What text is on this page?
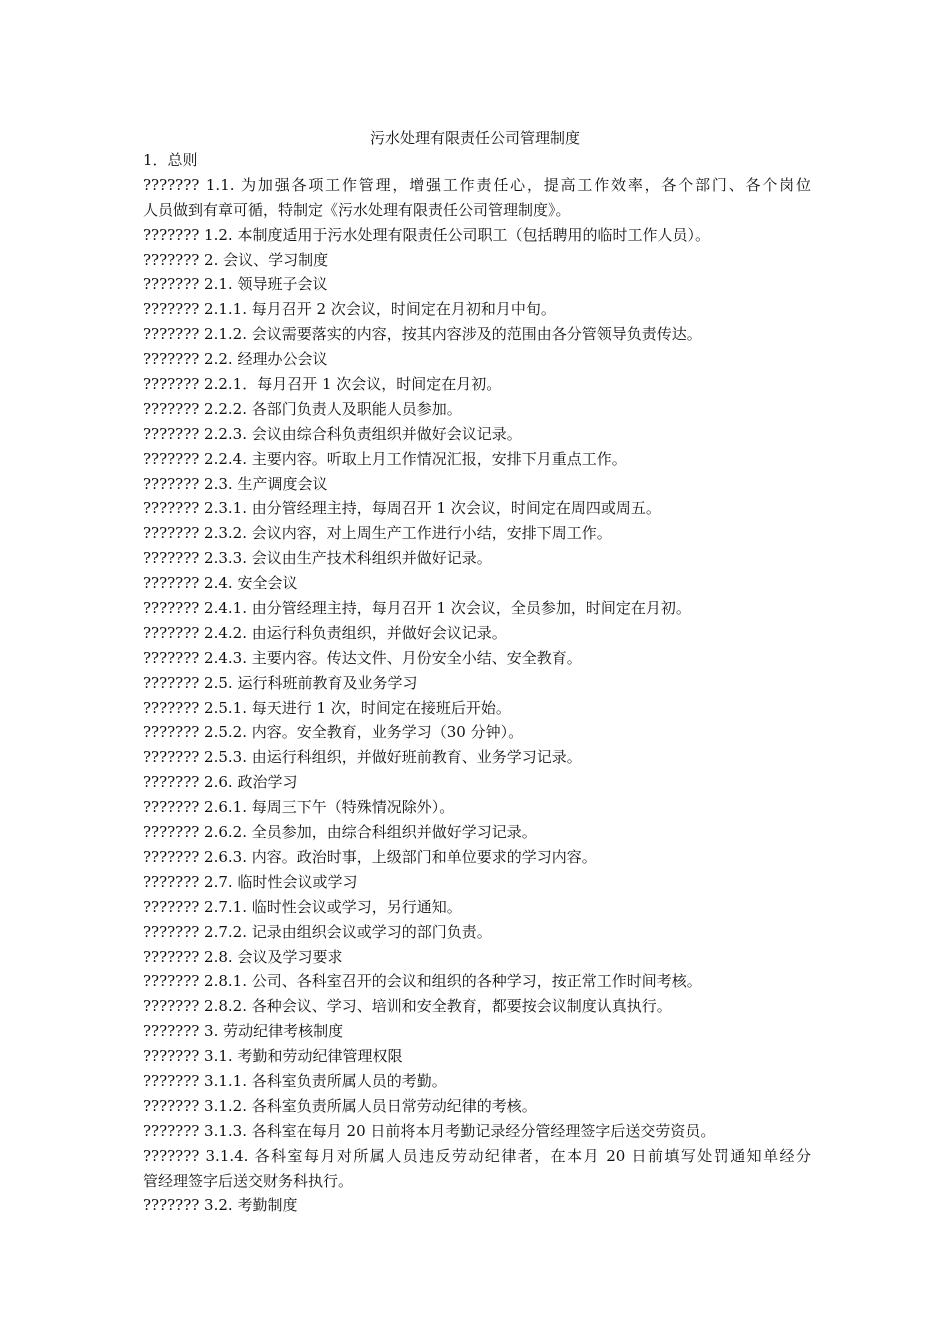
污水处理有限责任公司管理制度
1．总则
??????? 1.1. 为加强各项工作管理，增强工作责任心，提高工作效率，各个部门、各个岗位
人员做到有章可循，特制定《污水处理有限责任公司管理制度》。
??????? 1.2. 本制度适用于污水处理有限责任公司职工（包括聘用的临时工作人员）。
??????? 2. 会议、学习制度
??????? 2.1. 领导班子会议
??????? 2.1.1. 每月召开 2 次会议，时间定在月初和月中旬。
??????? 2.1.2. 会议需要落实的内容，按其内容涉及的范围由各分管领导负责传达。
??????? 2.2. 经理办公会议
??????? 2.2.1．每月召开 1 次会议，时间定在月初。
??????? 2.2.2. 各部门负责人及职能人员参加。
??????? 2.2.3. 会议由综合科负责组织并做好会议记录。
??????? 2.2.4. 主要内容。听取上月工作情况汇报，安排下月重点工作。
??????? 2.3. 生产调度会议
??????? 2.3.1. 由分管经理主持，每周召开 1 次会议，时间定在周四或周五。
??????? 2.3.2. 会议内容，对上周生产工作进行小结，安排下周工作。
??????? 2.3.3. 会议由生产技术科组织并做好记录。
??????? 2.4. 安全会议
??????? 2.4.1. 由分管经理主持，每月召开 1 次会议，全员参加，时间定在月初。
??????? 2.4.2. 由运行科负责组织，并做好会议记录。
??????? 2.4.3. 主要内容。传达文件、月份安全小结、安全教育。
??????? 2.5. 运行科班前教育及业务学习
??????? 2.5.1. 每天进行 1 次，时间定在接班后开始。
??????? 2.5.2. 内容。安全教育，业务学习（30 分钟）。
??????? 2.5.3. 由运行科组织，并做好班前教育、业务学习记录。
??????? 2.6. 政治学习
??????? 2.6.1. 每周三下午（特殊情况除外）。
??????? 2.6.2. 全员参加，由综合科组织并做好学习记录。
??????? 2.6.3. 内容。政治时事，上级部门和单位要求的学习内容。
??????? 2.7. 临时性会议或学习
??????? 2.7.1. 临时性会议或学习，另行通知。
??????? 2.7.2. 记录由组织会议或学习的部门负责。
??????? 2.8. 会议及学习要求
??????? 2.8.1. 公司、各科室召开的会议和组织的各种学习，按正常工作时间考核。
??????? 2.8.2. 各种会议、学习、培训和安全教育，都要按会议制度认真执行。
??????? 3. 劳动纪律考核制度
??????? 3.1. 考勤和劳动纪律管理权限
??????? 3.1.1. 各科室负责所属人员的考勤。
??????? 3.1.2. 各科室负责所属人员日常劳动纪律的考核。
??????? 3.1.3. 各科室在每月 20 日前将本月考勤记录经分管经理签字后送交劳资员。
??????? 3.1.4. 各科室每月对所属人员违反劳动纪律者，在本月 20 日前填写处罚通知单经分
管经理签字后送交财务科执行。
??????? 3.2. 考勤制度
